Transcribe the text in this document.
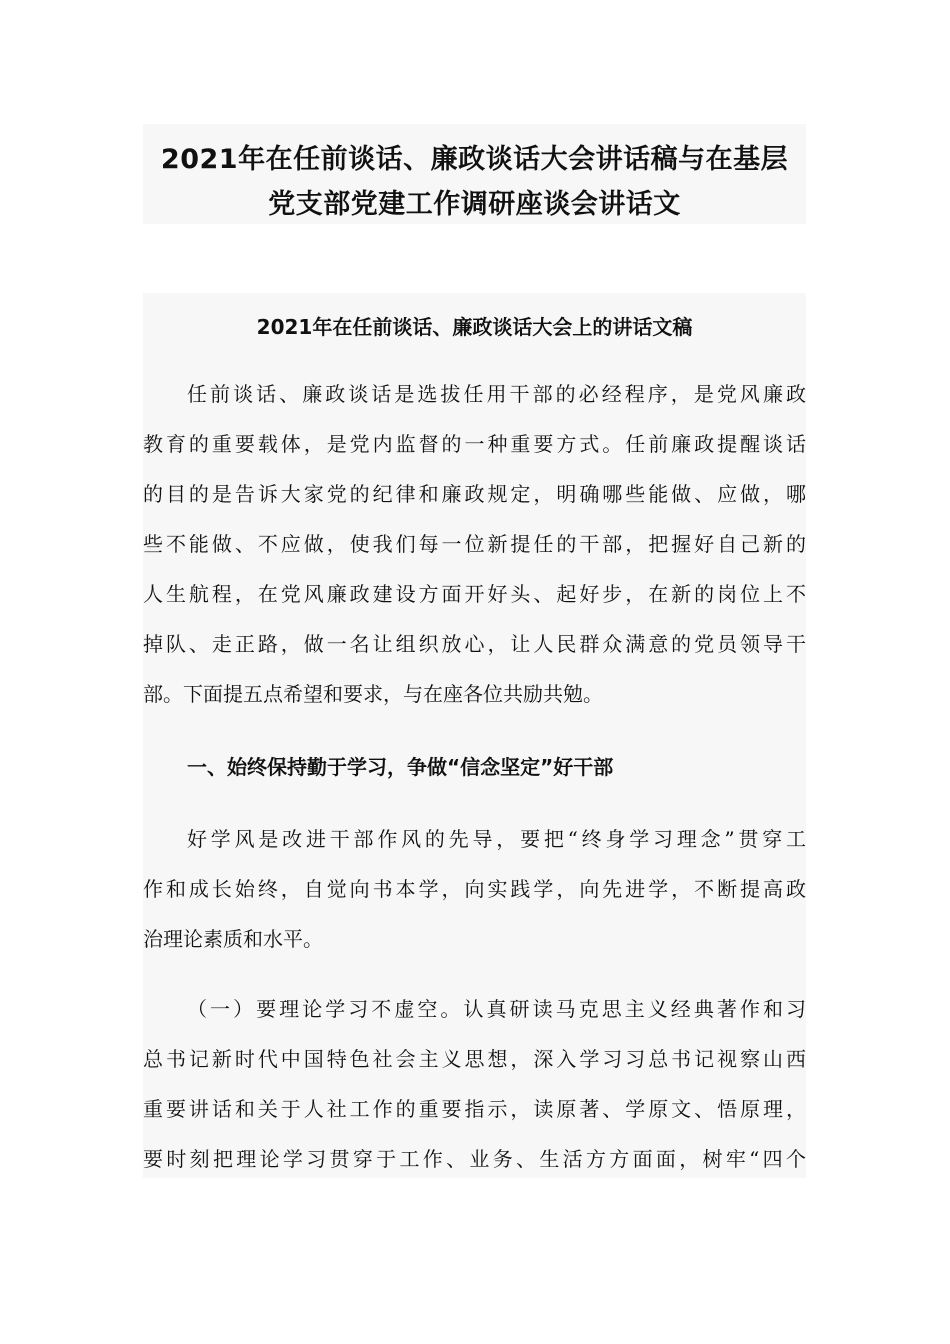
2021年在任前谈话、廉政谈话大会讲话稿与在基层
党支部党建工作调研座谈会讲话文
2021年在任前谈话、廉政谈话大会上的讲话文稿
任前谈话、廉政谈话是选拔任用干部的必经程序，是党风廉政
教育的重要载体，是党内监督的一种重要方式。任前廉政提醒谈话
的目的是告诉大家党的纪律和廉政规定，明确哪些能做、应做，哪
些不能做、不应做，使我们每一位新提任的干部，把握好自己新的
人生航程，在党风廉政建设方面开好头、起好步，在新的岗位上不
掉队、走正路，做一名让组织放心，让人民群众满意的党员领导干
部。下面提五点希望和要求，与在座各位共励共勉。
一、始终保持勤于学习，争做“信念坚定”好干部
好学风是改进干部作风的先导，要把“终身学习理念”贯穿工
作和成长始终，自觉向书本学，向实践学，向先进学，不断提高政
治理论素质和水平。
（一）要理论学习不虚空。认真研读马克思主义经典著作和习
总书记新时代中国特色社会主义思想，深入学习习总书记视察山西
重要讲话和关于人社工作的重要指示，读原著、学原文、悟原理，
要时刻把理论学习贯穿于工作、业务、生活方方面面，树牢“四个
